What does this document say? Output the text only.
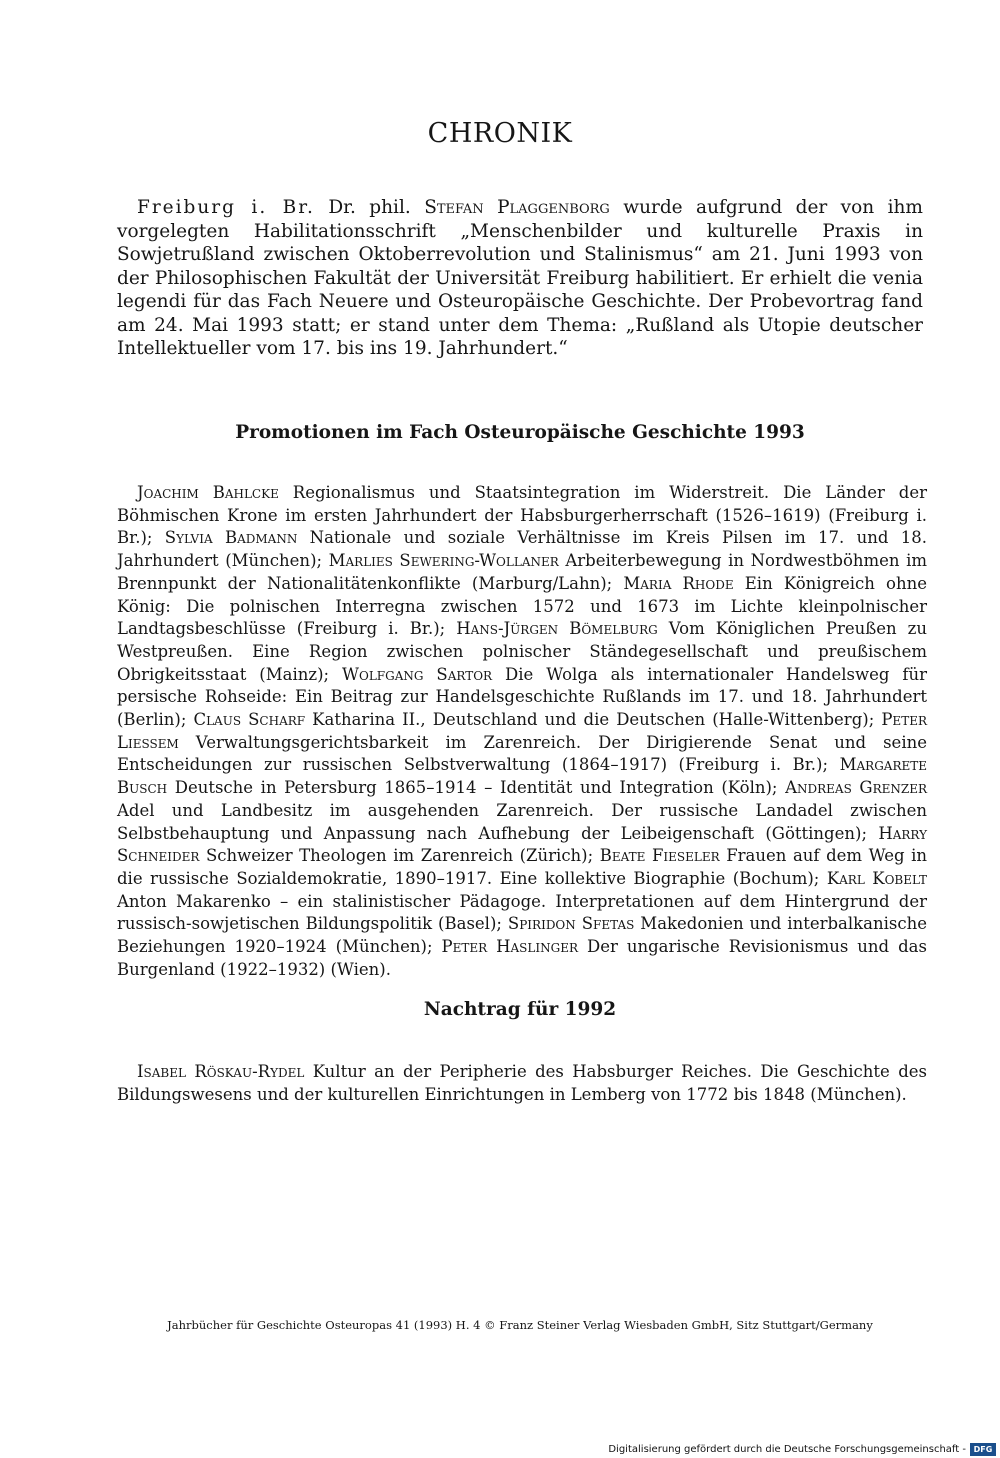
CHRONIK

Freiburg i. Br. Dr. phil. Stefan Plaggenborg wurde aufgrund der von ihm vorgelegten Habilitationsschrift „Menschenbilder und kulturelle Praxis in Sowjetrußland zwischen Oktoberrevolution und Stalinismus“ am 21. Juni 1993 von der Philosophischen Fakultät der Universität Freiburg habilitiert. Er erhielt die venia legendi für das Fach Neuere und Osteuropäische Geschichte. Der Probevortrag fand am 24. Mai 1993 statt; er stand unter dem Thema: „Rußland als Utopie deutscher Intellektueller vom 17. bis ins 19. Jahrhundert.“

Promotionen im Fach Osteuropäische Geschichte 1993

Joachim Bahlcke Regionalismus und Staatsintegration im Widerstreit. Die Länder der Böhmischen Krone im ersten Jahrhundert der Habsburgerherrschaft (1526–1619) (Freiburg i. Br.); Sylvia Badmann Nationale und soziale Verhältnisse im Kreis Pilsen im 17. und 18. Jahrhundert (München); Marlies Sewering-Wollaner Arbeiterbewegung in Nordwestböhmen im Brennpunkt der Nationalitätenkonflikte (Marburg/Lahn); Maria Rhode Ein Königreich ohne König: Die polnischen Interregna zwischen 1572 und 1673 im Lichte kleinpolnischer Landtagsbeschlüsse (Freiburg i. Br.); Hans-Jürgen Bömelburg Vom Königlichen Preußen zu Westpreußen. Eine Region zwischen polnischer Ständegesellschaft und preußischem Obrigkeitsstaat (Mainz); Wolfgang Sartor Die Wolga als internationaler Handelsweg für persische Rohseide: Ein Beitrag zur Handelsgeschichte Rußlands im 17. und 18. Jahrhundert (Berlin); Claus Scharf Katharina II., Deutschland und die Deutschen (Halle-Wittenberg); Peter Liessem Verwaltungsgerichtsbarkeit im Zarenreich. Der Dirigierende Senat und seine Entscheidungen zur russischen Selbstverwaltung (1864–1917) (Freiburg i. Br.); Margarete Busch Deutsche in Petersburg 1865–1914 – Identität und Integration (Köln); Andreas Grenzer Adel und Landbesitz im ausgehenden Zarenreich. Der russische Landadel zwischen Selbstbehauptung und Anpassung nach Aufhebung der Leibeigenschaft (Göttingen); Harry Schneider Schweizer Theologen im Zarenreich (Zürich); Beate Fieseler Frauen auf dem Weg in die russische Sozialdemokratie, 1890–1917. Eine kollektive Biographie (Bochum); Karl Kobelt Anton Makarenko – ein stalinistischer Pädagoge. Interpretationen auf dem Hintergrund der russisch-sowjetischen Bildungspolitik (Basel); Spiridon Sfetas Makedonien und interbalkanische Beziehungen 1920–1924 (München); Peter Haslinger Der ungarische Revisionismus und das Burgenland (1922–1932) (Wien).

Nachtrag für 1992

Isabel Röskau-Rydel Kultur an der Peripherie des Habsburger Reiches. Die Geschichte des Bildungswesens und der kulturellen Einrichtungen in Lemberg von 1772 bis 1848 (München).

Jahrbücher für Geschichte Osteuropas 41 (1993) H. 4 © Franz Steiner Verlag Wiesbaden GmbH, Sitz Stuttgart/Germany
Digitalisierung gefördert durch die Deutsche Forschungsgemeinschaft - DFG
